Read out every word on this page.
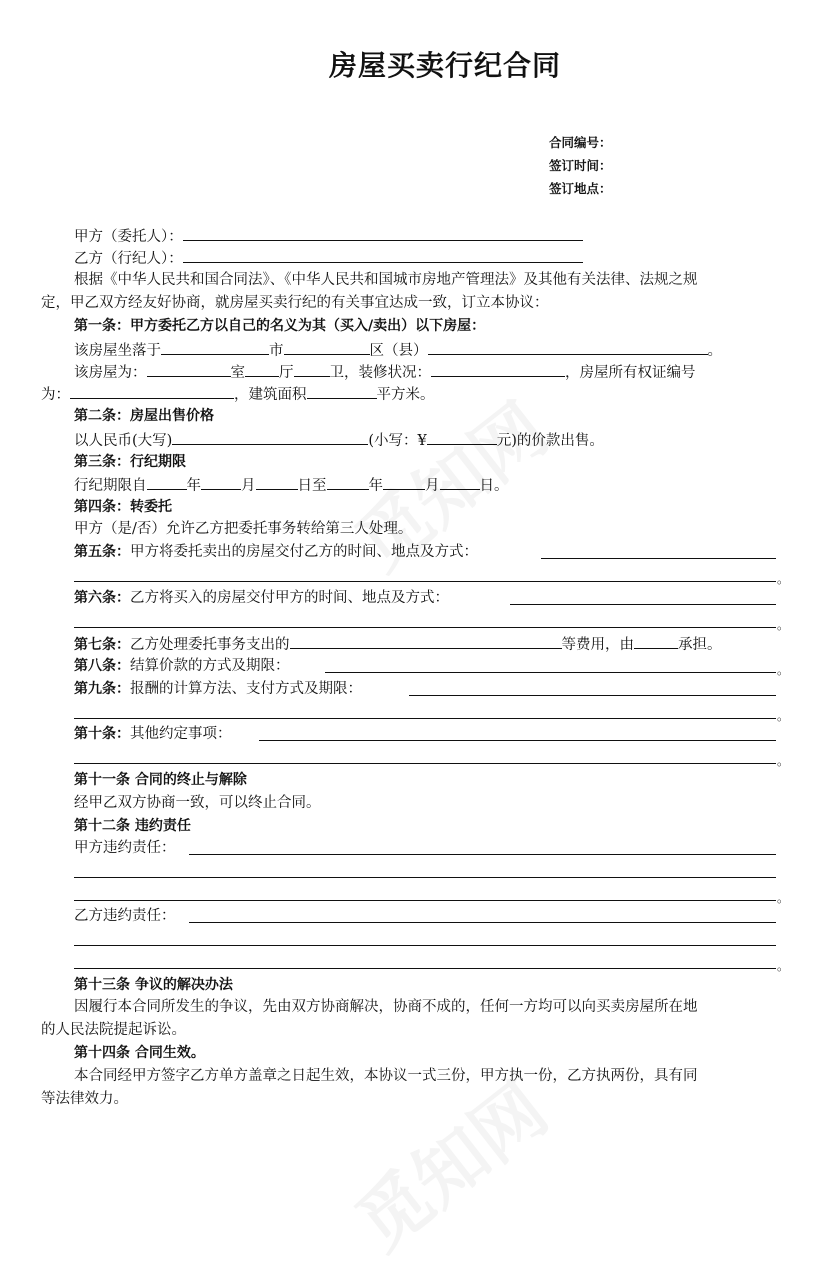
房屋买卖行纪合同
合同编号：
签订时间：
签订地点：
甲方（委托人）：
乙方（行纪人）：
根据《中华人民共和国合同法》、《中华人民共和国城市房地产管理法》及其他有关法律、法规之规
定，甲乙双方经友好协商，就房屋买卖行纪的有关事宜达成一致，订立本协议：
第一条：甲方委托乙方以自己的名义为其（买入/卖出）以下房屋：
该房屋坐落于	市	区（县）	。
该房屋为：	室 厅 卫，装修状况：	，房屋所有权证编号
为：	，建筑面积	平方米。
第二条：房屋出售价格
以人民币(大写)	(小写：¥	元)的价款出售。
第三条：行纪期限
行纪期限自	年	月	日至	年	月	日。
第四条：转委托
甲方（是/否）允许乙方把委托事务转给第三人处理。
第五条：甲方将委托卖出的房屋交付乙方的时间、地点及方式：
。
第六条：乙方将买入的房屋交付甲方的时间、地点及方式：
。
第七条：乙方处理委托事务支出的	等费用，由	承担。
第八条：结算价款的方式及期限：	。
第九条：报酬的计算方法、支付方式及期限：
。
第十条：其他约定事项：
。
第十一条 合同的终止与解除
经甲乙双方协商一致，可以终止合同。
第十二条 违约责任
甲方违约责任：
。
乙方违约责任：
。
第十三条 争议的解决办法
因履行本合同所发生的争议，先由双方协商解决，协商不成的，任何一方均可以向买卖房屋所在地
的人民法院提起诉讼。
第十四条 合同生效。
本合同经甲方签字乙方单方盖章之日起生效，本协议一式三份，甲方执一份，乙方执两份，具有同
等法律效力。
